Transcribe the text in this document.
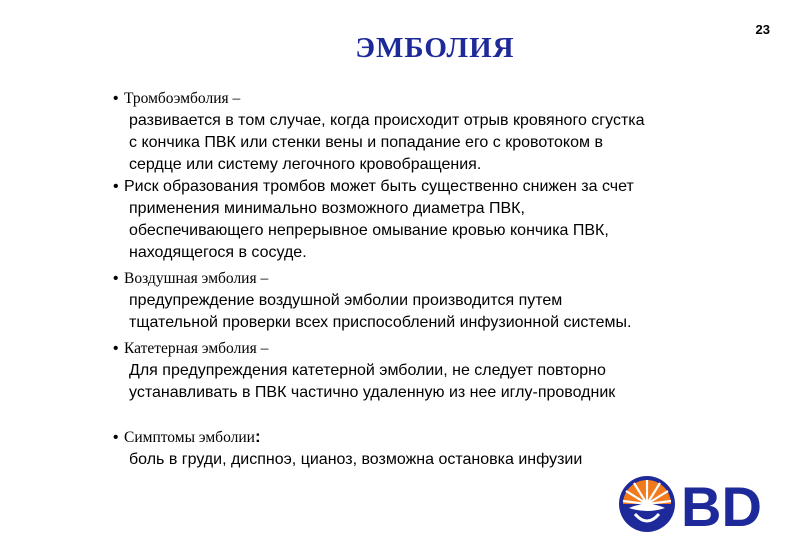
23
ЭМБОЛИЯ
• Тромбоэмболия –
развивается в том случае, когда происходит отрыв кровяного сгустка
с кончика ПВК или стенки вены и попадание его с кровотоком в
сердце или систему легочного кровобращения.
• Риск образования тромбов может быть существенно снижен за счет
применения минимально возможного диаметра ПВК,
обеспечивающего непрерывное омывание кровью кончика ПВК,
находящегося в сосуде.
• Воздушная эмболия –
предупреждение воздушной эмболии производится путем
тщательной проверки всех приспособлений инфузионной системы.
• Катетерная эмболия –
Для предупреждения катетерной эмболии, не следует повторно
устанавливать в ПВК частично удаленную из нее иглу-проводник
• Симптомы эмболии:
боль в груди, диспноэ, цианоз, возможна остановка инфузии
BD
